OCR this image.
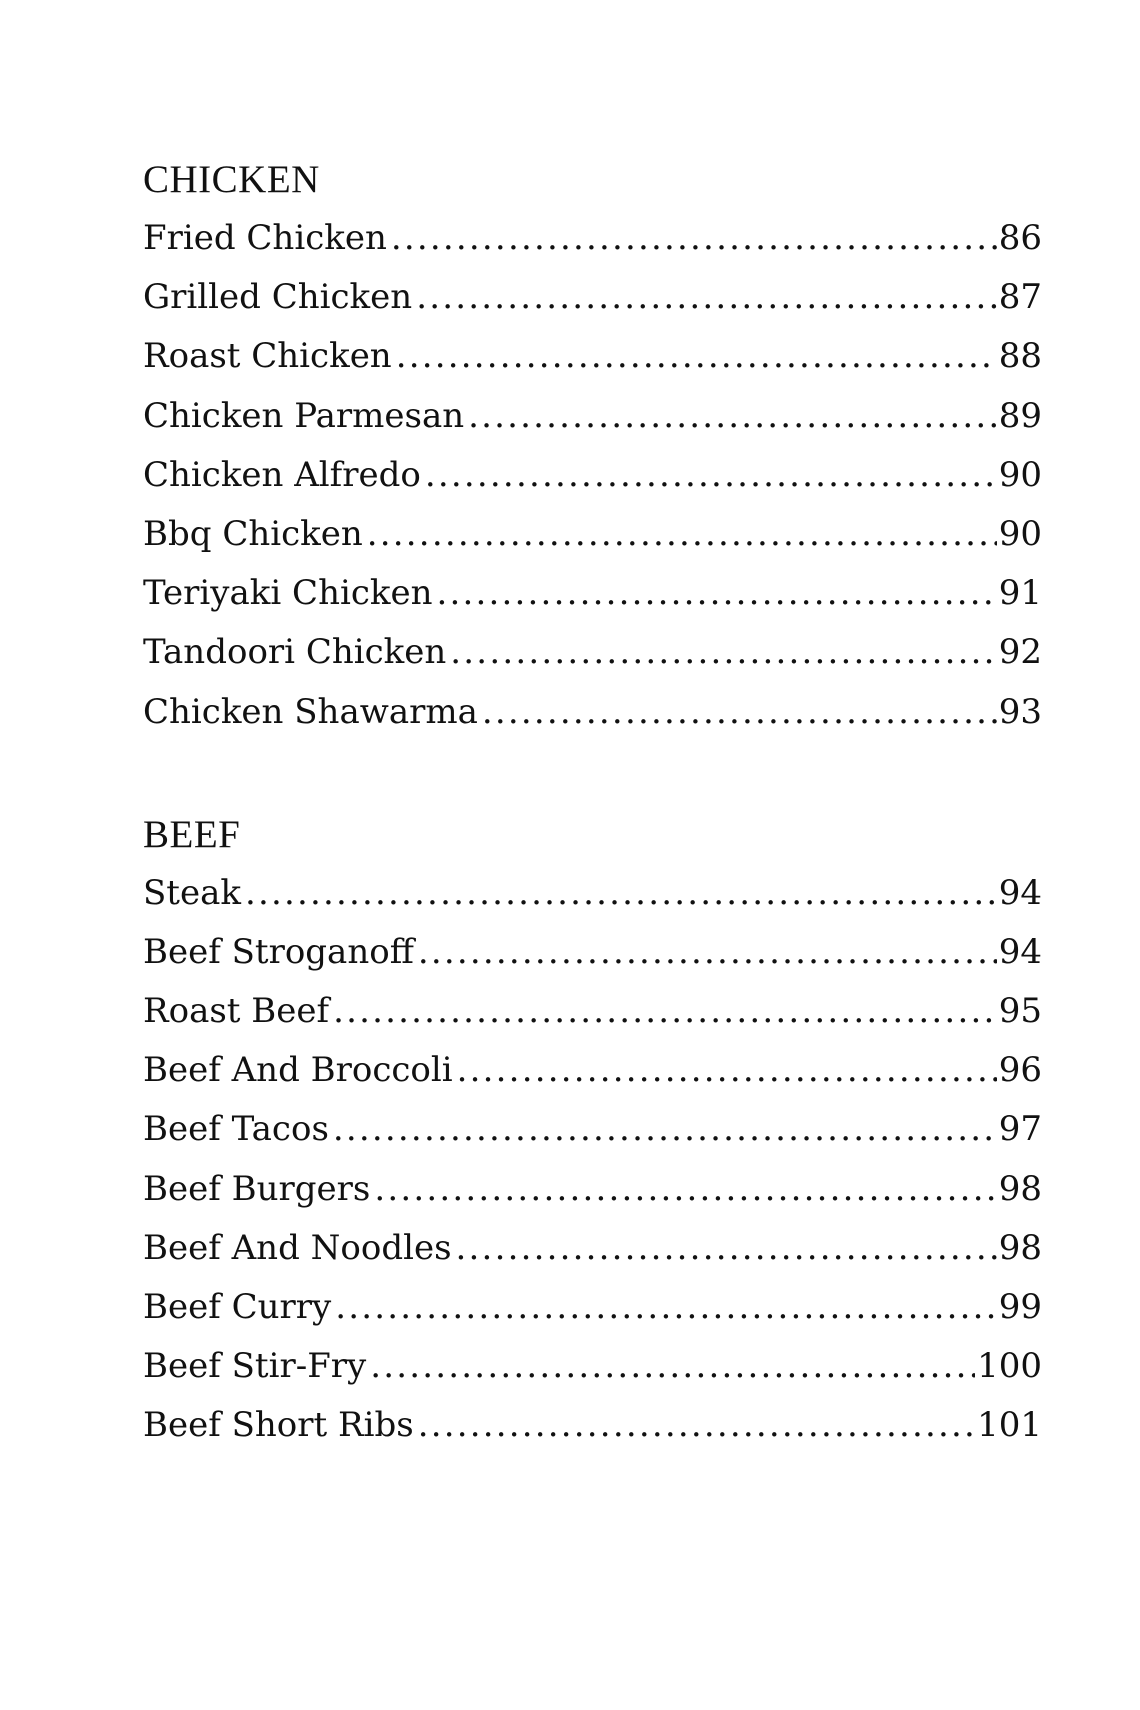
CHICKEN
Fried Chicken .....	86
Grilled Chicken .....	87
Roast Chicken .....	88
Chicken Parmesan .....	89
Chicken Alfredo .....	90
Bbq Chicken .....	90
Teriyaki Chicken .....	91
Tandoori Chicken .....	92
Chicken Shawarma .....	93
BEEF
Steak .....	94
Beef Stroganoff .....	94
Roast Beef .....	95
Beef And Broccoli .....	96
Beef Tacos .....	97
Beef Burgers .....	98
Beef And Noodles .....	98
Beef Curry .....	99
Beef Stir-Fry .....	100
Beef Short Ribs .....	101
